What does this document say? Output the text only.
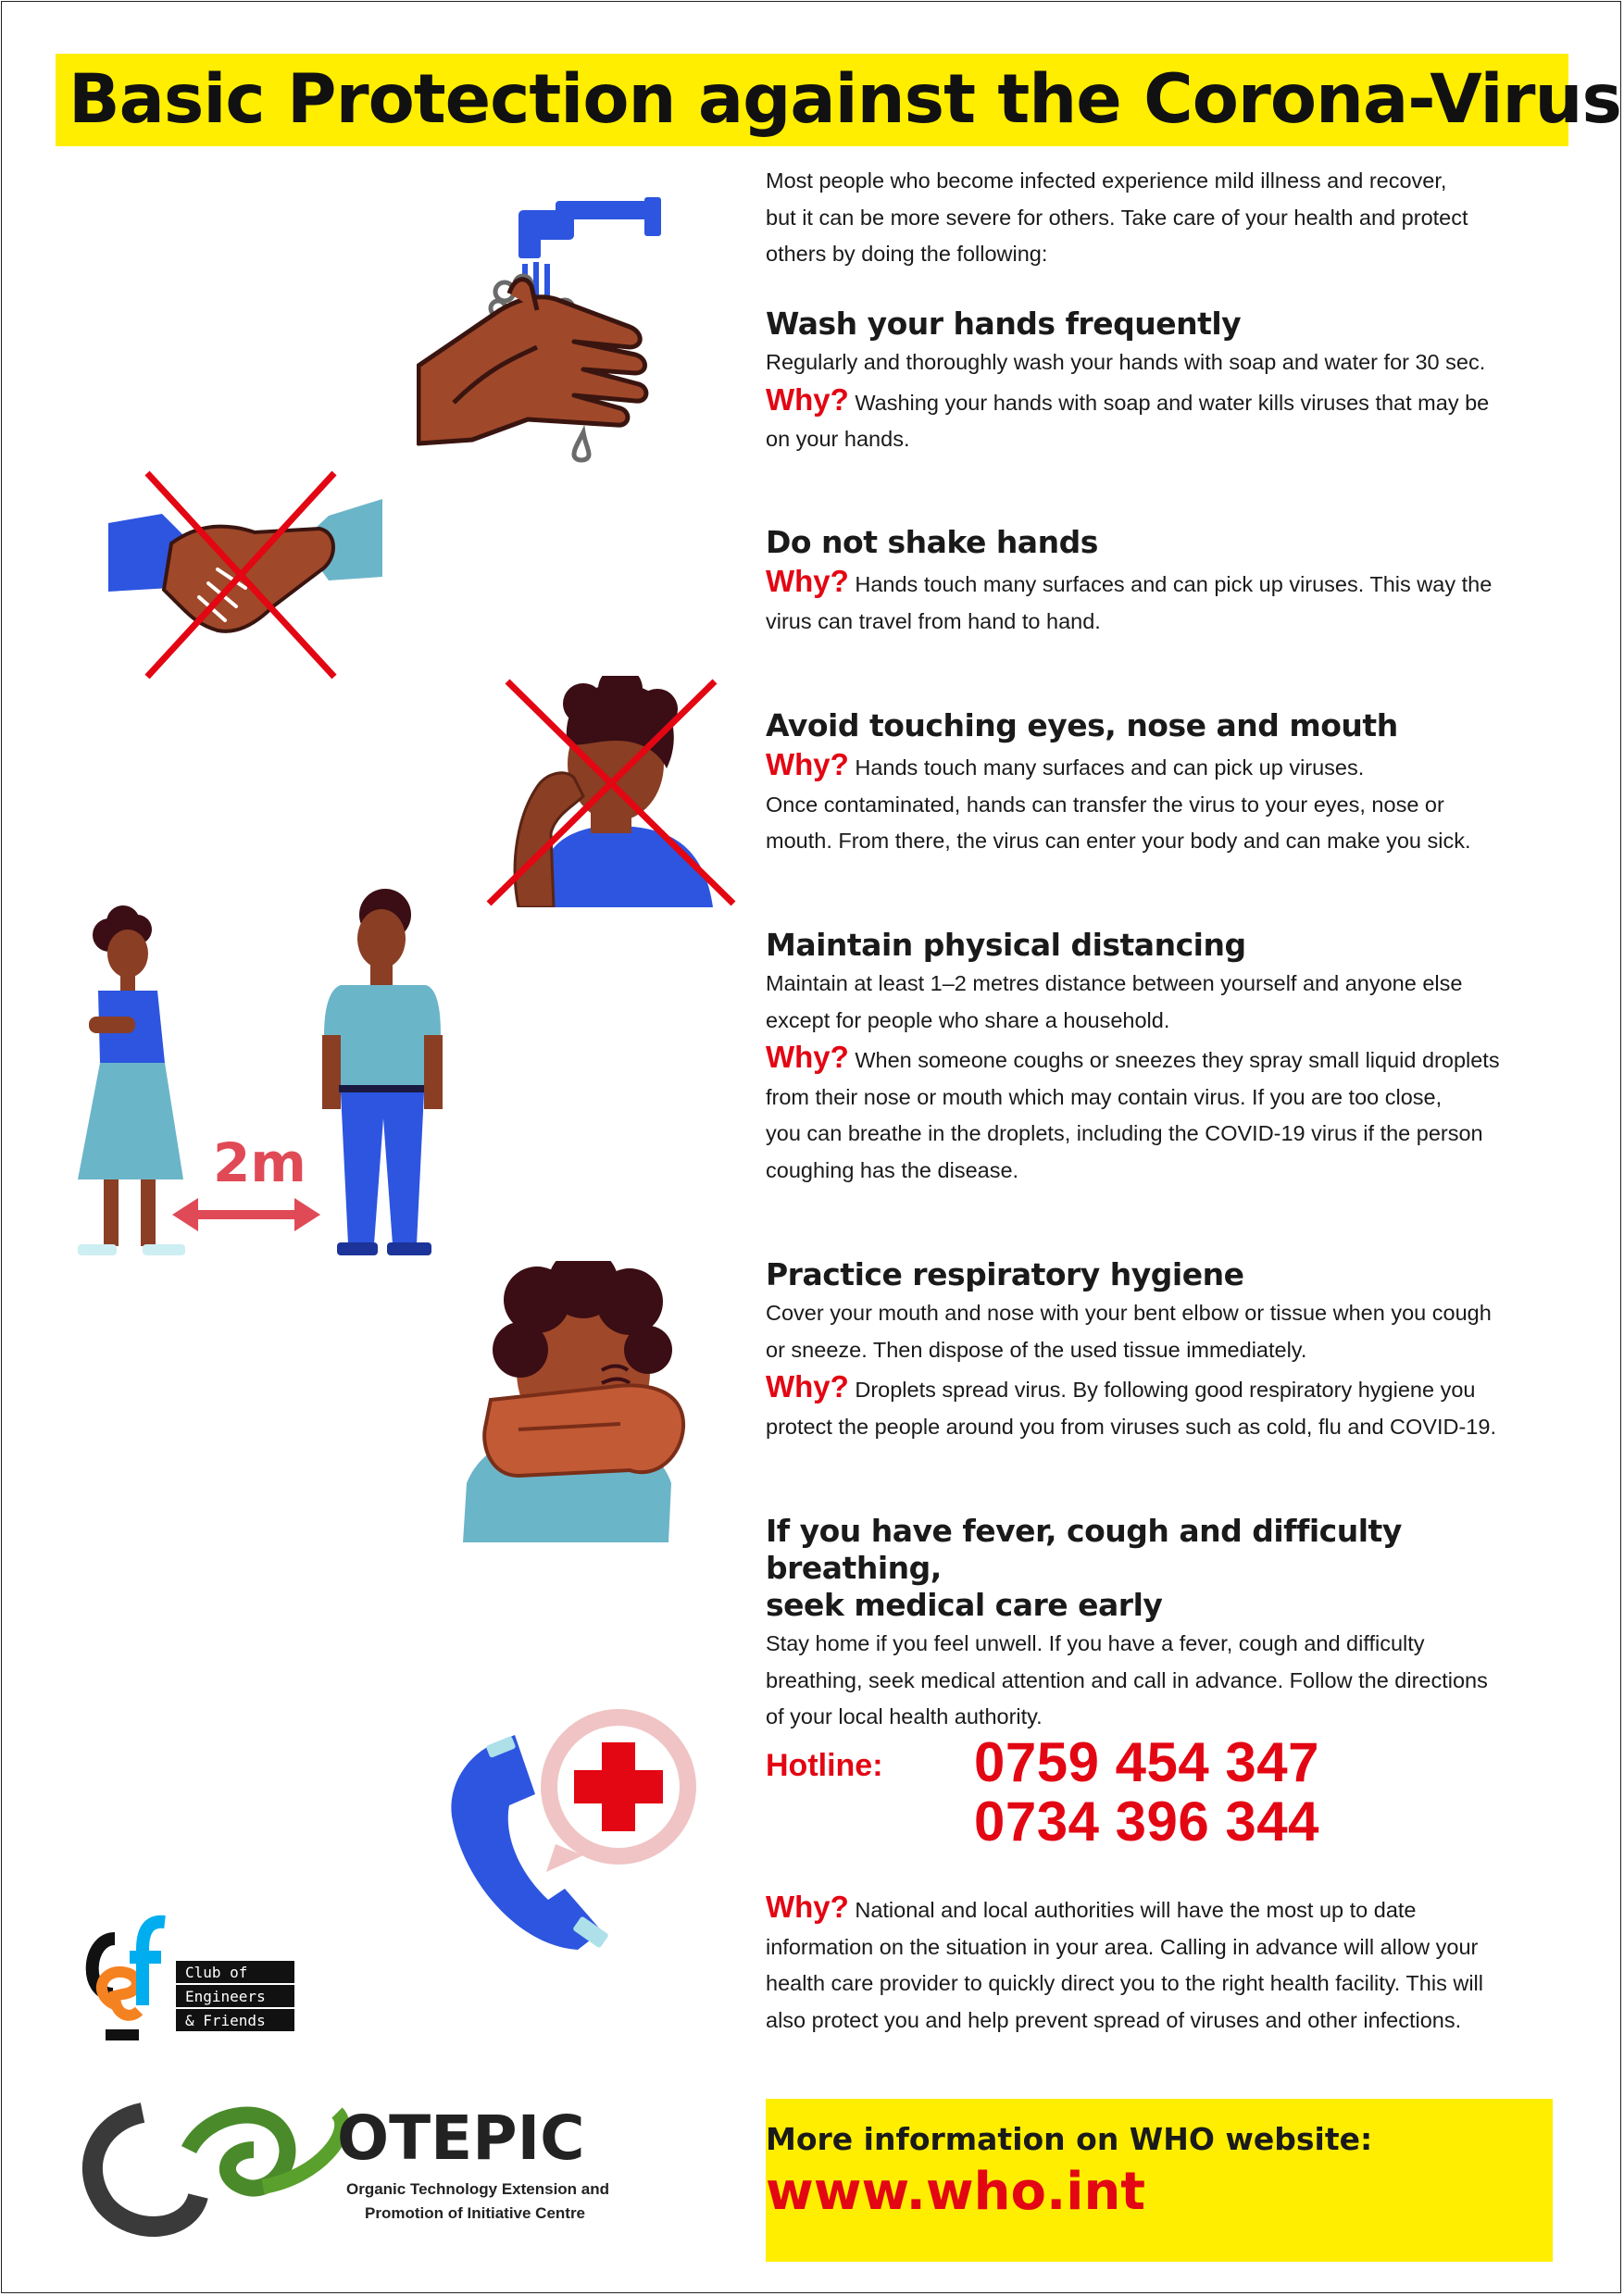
Basic Protection against the Corona-Virus

Most people who become infected experience mild illness and recover,

but it can be more severe for others. Take care of your health and protect

others by doing the following:

Wash your hands frequently

Regularly and thoroughly wash your hands with soap and water for 30 sec.

Why? Washing your hands with soap and water kills viruses that may be

on your hands.

Do not shake hands

Why? Hands touch many surfaces and can pick up viruses. This way the

virus can travel from hand to hand.

Avoid touching eyes, nose and mouth

Why? Hands touch many surfaces and can pick up viruses.

Once contaminated, hands can transfer the virus to your eyes, nose or

mouth. From there, the virus can enter your body and can make you sick.

Maintain physical distancing

Maintain at least 1–2 metres distance between yourself and anyone else

except for people who share a household.

Why? When someone coughs or sneezes they spray small liquid droplets

from their nose or mouth which may contain virus. If you are too close,

you can breathe in the droplets, including the COVID-19 virus if the person

coughing has the disease.

Practice respiratory hygiene

Cover your mouth and nose with your bent elbow or tissue when you cough

or sneeze. Then dispose of the used tissue immediately.

Why? Droplets spread virus. By following good respiratory hygiene you

protect the people around you from viruses such as cold, flu and COVID-19.

If you have fever, cough and difficulty breathing,

seek medical care early

Stay home if you feel unwell. If you have a fever, cough and difficulty

breathing, seek medical attention and call in advance. Follow the directions

of your local health authority.

Hotline: 0759 454 347
0734 396 344

Why? National and local authorities will have the most up to date

information on the situation in your area. Calling in advance will allow your

health care provider to quickly direct you to the right health facility. This will

also protect you and help prevent spread of viruses and other infections.

More information on WHO website:

www.who.int

2m
Club of
Engineers
& Friends
OTEPIC
Organic Technology Extension and
Promotion of Initiative Centre
